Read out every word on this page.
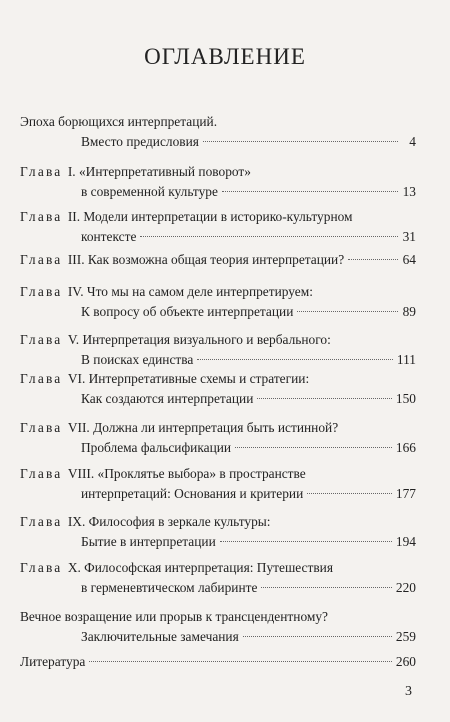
ОГЛАВЛЕНИЕ
Эпоха борющихся интерпретаций.
Вместо предисловия	4
Глава
I. «Интерпретативный поворот»
в современной культуре	13
Глава
II. Модели интерпретации в историко-культурном
контексте	31
Глава
III. Как возможна общая теория интерпретации?	64
Глава
IV. Что мы на самом деле интерпретируем:
К вопросу об объекте интерпретации	89
Глава
V. Интерпретация визуального и вербального:
В поисках единства	111
Глава
VI. Интерпретативные схемы и стратегии:
Как создаются интерпретации	150
Глава
VII. Должна ли интерпретация быть истинной?
Проблема фальсификации	166
Глава
VIII. «Проклятье выбора» в пространстве
интерпретаций: Основания и критерии	177
Глава
IX. Философия в зеркале культуры:
Бытие в интерпретации	194
Глава
X. Философская интерпретация: Путешествия
в герменевтическом лабиринте	220
Вечное возращение или прорыв к трансцендентному?
Заключительные замечания	259
Литература	260
3
